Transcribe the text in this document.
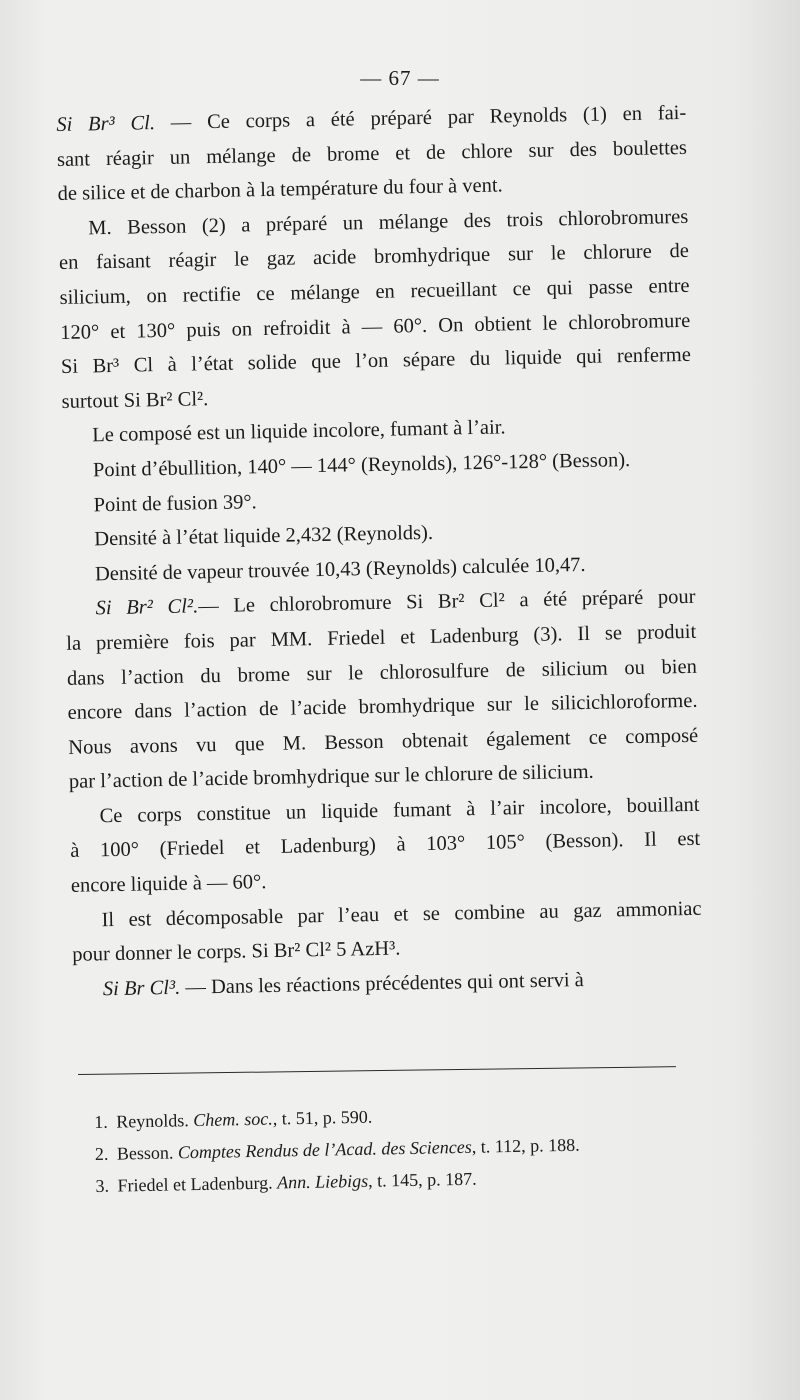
— 67 —
Si Br³ Cl. — Ce corps a été préparé par Reynolds (1) en fai-
sant réagir un mélange de brome et de chlore sur des boulettes
de silice et de charbon à la température du four à vent.
M. Besson (2) a préparé un mélange des trois chlorobromures
en faisant réagir le gaz acide bromhydrique sur le chlorure de
silicium, on rectifie ce mélange en recueillant ce qui passe entre
120° et 130° puis on refroidit à — 60°. On obtient le chlorobromure
Si Br³ Cl à l’état solide que l’on sépare du liquide qui renferme
surtout Si Br² Cl².
Le composé est un liquide incolore, fumant à l’air.
Point d’ébullition, 140° — 144° (Reynolds), 126°-128° (Besson).
Point de fusion 39°.
Densité à l’état liquide 2,432 (Reynolds).
Densité de vapeur trouvée 10,43 (Reynolds) calculée 10,47.
Si Br² Cl².— Le chlorobromure Si Br² Cl² a été préparé pour
la première fois par MM. Friedel et Ladenburg (3). Il se produit
dans l’action du brome sur le chlorosulfure de silicium ou bien
encore dans l’action de l’acide bromhydrique sur le silicichloroforme.
Nous avons vu que M. Besson obtenait également ce composé
par l’action de l’acide bromhydrique sur le chlorure de silicium.
Ce corps constitue un liquide fumant à l’air incolore, bouillant
à 100° (Friedel et Ladenburg) à 103° 105° (Besson). Il est
encore liquide à — 60°.
Il est décomposable par l’eau et se combine au gaz ammoniac
pour donner le corps. Si Br² Cl² 5 AzH³.
Si Br Cl³. — Dans les réactions précédentes qui ont servi à
1. Reynolds. Chem. soc., t. 51, p. 590.
2. Besson. Comptes Rendus de l’Acad. des Sciences, t. 112, p. 188.
3. Friedel et Ladenburg. Ann. Liebigs, t. 145, p. 187.
